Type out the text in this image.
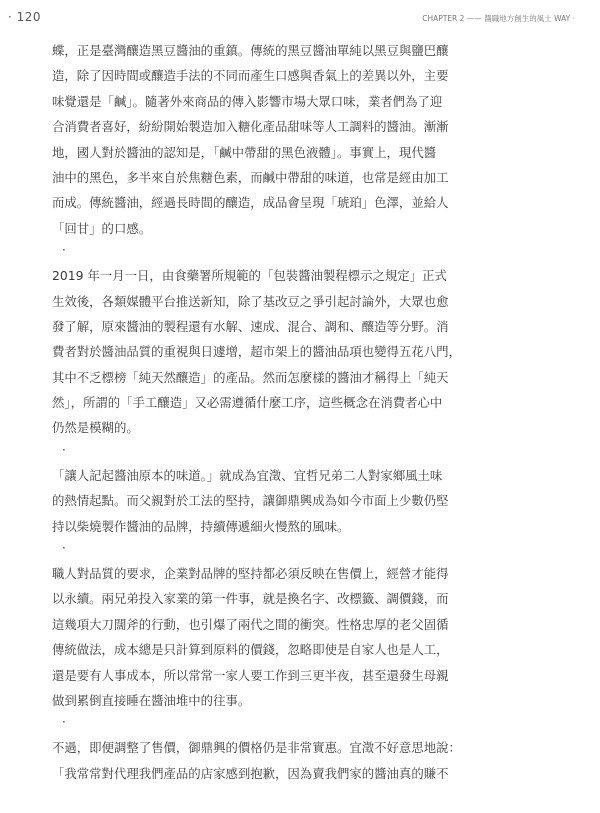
· 120	CHAPTER 2 —— 醬職地方創生的風土 WAY ·
蝶，正是臺灣釀造黑豆醬油的重鎮。傳統的黑豆醬油單純以黑豆與鹽巴釀
造，除了因時間或釀造手法的不同而產生口感與香氣上的差異以外，主要
味覺還是「鹹」。隨著外來商品的傳入影響市場大眾口味，業者們為了迎
合消費者喜好，紛紛開始製造加入糖化產品甜味等人工調料的醬油。漸漸
地，國人對於醬油的認知是，「鹹中帶甜的黑色液體」。事實上，現代醬
油中的黑色，多半來自於焦糖色素，而鹹中帶甜的味道，也常是經由加工
而成。傳統醬油，經過長時間的釀造，成品會呈現「琥珀」色澤，並給人
「回甘」的口感。
·
2019 年一月一日，由食藥署所規範的「包裝醬油製程標示之規定」正式
生效後，各類媒體平台推送新知，除了基改豆之爭引起討論外，大眾也愈
發了解，原來醬油的製程還有水解、速成、混合、調和、釀造等分野。消
費者對於醬油品質的重視與日遽增，超市架上的醬油品項也變得五花八門，
其中不乏標榜「純天然釀造」的產品。然而怎麼樣的醬油才稱得上「純天
然」，所謂的「手工釀造」又必需遵循什麼工序，這些概念在消費者心中
仍然是模糊的。
·
「讓人記起醬油原本的味道。」就成為宜澂、宜哲兄弟二人對家鄉風土味
的熱情起點。而父親對於工法的堅持，讓御鼎興成為如今市面上少數仍堅
持以柴燒製作醬油的品牌，持續傳遞細火慢熬的風味。
·
職人對品質的要求，企業對品牌的堅持都必須反映在售價上，經營才能得
以永續。兩兄弟投入家業的第一件事，就是換名字、改標籤、調價錢，而
這幾項大刀闊斧的行動，也引爆了兩代之間的衝突。性格忠厚的老父固循
傳統做法，成本總是只計算到原料的價錢，忽略即使是自家人也是人工，
還是要有人事成本，所以常常一家人要工作到三更半夜，甚至還發生母親
做到累倒直接睡在醬油堆中的往事。
·
不過，即便調整了售價，御鼎興的價格仍是非常實惠。宜澂不好意思地說：
「我常常對代理我們產品的店家感到抱歉，因為賣我們家的醬油真的賺不
